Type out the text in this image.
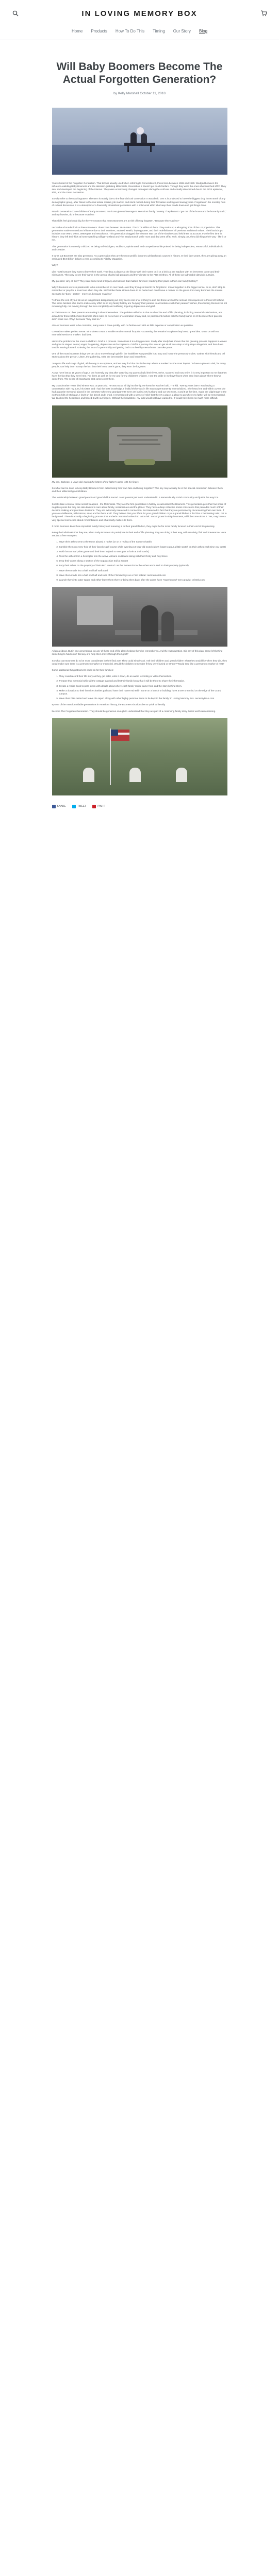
IN LOVING MEMORY BOX
Home Products How To Do This Timing Our Story Blog
Will Baby Boomers Become The Actual Forgotten Generation?
by Kelly Marshall October 11, 2018

You've heard of the Forgotten Generation. That term is usually used when referring to Generation X, those born between 1965 and 1980. Wedged between the influence-wielding Baby Boomers and the attention-grabbing Millennials, Generation X doesn't get much fanfare. Though they were the ones who launched MTV. They saw and developed the beginning of the internet. They were enormously changed teenagers during the cold war and actually determined due to the AIDS epidemic, 9/11, and the Great Recession.

So why refer to them as forgotten? The term is mainly due to the financial tool Generation X was dealt. Gen X is projected to have the biggest drop in net worth of any demographic group, after blows to the real estate market, job market, and stock market during their formative working and saving years. Forgotten in the nonstop hum of cultural discussion, it is a descriptor of a financially diminished generation with a solid work ethic who keep their heads down and get things done.

Now in Generation X are children of Baby Boomers, two icons give us leverage to see about family honesty. They know to "get out of the house and be home by dark," and my favorite, do it "because I said so."

That skills feel gloriously big for the very reason that many Boomers are at risk of being forgotten. "Because they said so!"

Let's take a broader look at these Boomers: those born between 1946-1964. That's 76 million of them. They make up a whopping 20% of the US population. This generation made tremendous influence due to their numbers, attained wealth, buying power, and their redefinition of all previous traditional values. Their backdrops includes Star Wars, Disco, Watergate and Woodstock. This generation dragged the Vietnam War out of the shadows and held them to account. For the first time in history, they left their kids at home watching Gilligan's Island and The Brady Bunch while mom and dad went off to work. Simply put, they did things their way - like it or not.

This generation is currently criticized as being self-indulgent, stubborn, opinionated, and competitive while praised for being independent, resourceful, individualistic and creative.

It turns out Boomers are also generous. As a generation they are the most prolific donors to philanthropic causes in history. In their later years, they are giving away an estimated $8.8 billion dollars a year, according to Fidelity Magazine.

Why?

Like most humans they want to leave their mark. They buy a plaque at the library with their name on it or a brick at the stadium with an irreverent quote and their nicknames. They pay to see their name in the annual charity ball program and they donate to the PBS telethon. All of these are admirable altruistic pursuits.

My question: why all this? They want some kind of legacy and not one that matters far more; marking their place in their own family history?

Why? Boomers were so passionate to be remembered on one hand—and they trying so hard to be forgotten! I mean forgotten in the bigger sense, as in, don't stop to remember or pray for a loved one when they die. We'll strike these stories down to be buried and don't leave a marker on the grave. For many Boomers the mantra seems to be 'burn - scatter - move on, because I said so.'

"Is there the end of your life as an insignificant disappearing act may seem cool or at 'it thing' to do? But these are but the serious consequences to those left behind. The same families who had to make every effort to rid any family history are 'burying' their parents in accordance with their parents' wishes, then finding themselves not mourning fully, not moving through the loss completely and suffering lingering depression and grief.

In Their Honor on: their parents are making it about themselves. The problem with that is that much of the end of life planning, including memorial celebrations, are actually for those left behind. Boomers often insist on no service or celebration of any kind, no permanent marker with the family name on it! Because their parents didn't mark one. Why? Because "they said so."

40% of Boomers want to be cremated, many want it done quickly, with no fanfare and with as little expense or complication as possible.

Cremation makes perfect sense: Who doesn't want a smaller environmental footprint? Scattering the remains in a place they loved: great idea. Move on with no memorial service or marker: bad idea.

Here's the problem for the ones in children: Grief is a process. Sometimes it is a long process. Study after study has shown that the grieving process happens in waves and goes in stages: denial, anger, bargaining, depression and acceptance. Grief is a journey that we can get stuck on a step or skip steps altogether, and then have trouble moving forward. Grieving the loss of a parent fully and getting back to a healthy mental state can take years.

One of the most important things we can do to move through grief in the healthiest way possible is to stop and honor the person who dies. Gather with friends and tell stories about the person. Listen, the gathering, write the best stories down and keep them.

Jumps to life and stage of grief, all the way to acceptance, and we may find that this is the step where a marker has the most impact. To have a place to visit, for many people, can help them accept the fact that their loved one is gone, they won't be forgotten.

As we have lost at 16 years of age, I can honestly say that after watching my parents build their lives, strive, succeed and now retire, it is very important to me that they have the fact that they were here. For them as well as for me and for my children's children. I see the pride in my boys' faces when they learn about where they've come from. The sense of importance that comes over them.

My Grandmother Tetter died when I was 10 years old. He was not at all big into family. He knew he was her bold. The kid. Twenty years later I was having a conversation with my aunt, his sister, and I had the best knowledge. I finally felt he was in life was not permanently memorialized. She heard me and within a year she had a granite memorial placed in the cemetery where my grandparents were are buried. My husband and our two sons, 4 and 8 at the time, made the pilgrimage to the northern hills of Michigan. I knelt on the bench and I cried. I remembered with a sense of relief that there's a place, a place to go where my father will be remembered. We touched the headstone and traced it with our fingers. Without the headstone, my kids would not have wanted to. It would have been so much more difficult.

My son, Jackson, 4 years old, tracing the letters of my father's name with his finger.

So what can be done to keep Baby Boomers from determining their own fate and being forgotten? The key may actually be in the special connection between them and their Millennial grandchildren.

The relationship between grandparent and grandchild is sacred. Most parents just don't understand it. A tremendously social community and just is the way it is.

So let's take a look at these secret weapons - the Millennials. They are the first generation in history to outnumber the Boomers. This generation gets their fair share of negative press but they are also known to care about family, social issues and the planet. They have a deep collective social conscience that pervades much of their decision making and purchase decisions. They are extremely interested in connection. So interested in fact that they are permanently documenting their own lives. If you are a Millennial, with tattoos, snap and be there at all. They believe that your life is for your grandchildren or your grandchildren. I find that a fascinating twist, not to be ignored. There is actually a beginning process that embeds cremated ashes into tattoo ink. Social grows in ubiquitousness, will it become about it. Yes, may have a very special connection about remembrance and what really matters to them.

If more Boomers knew how important family history and meaning is to their grandchildren, they might be far more family focused in their end of life planning.

Being the individuals that they are, when Baby Boomers do participate in their end of life planning, they are doing it their way, with creativity, flair and irreverence. Here are just a few examples:

1. Have their ashes sent to the Moon aboard a rocket (or on a replica of the Space Shuttle)
2. Sprinkle them on every hole of their favorite golf course while tweeting 18-year-old scotch (don't forget to pour a little scotch on their ashes each time you toast)
3. Hold that annual poker game and deal them in (and no one gets to look at their cards)
4. Toss the ashes from a helicopter into the active volcano on Hawaii along with their Ricky and Ray Steve
5. Drop their ashes along a section of the Appalachian trail at sunset
6. Bury their ashes on the property of their alm't ironical. Let the farmers know the ashes are buried on their property (optional)
7. Have them made into a half and half surfboard
8. Have them made into a half and half and suits of the Florida Keys as a Fish habitat: reefmemorial.com
9. Launch them into outer space and either leave them there or bring them back after the ashes have "experienced" zero gravity: celestis.com

All great ideas. But in one generations, on any of these end of life plans helping them be remembered. And the vast question. Did any of this plan, those left behind something to hold onto? Did any of it help them move through their grief?

So what can Boomers do to be more considerate in their final act? They could simply ask. Ask their children and grandchildren what they would like when they die, they could make sure there is a permanent marker or memorial. Would the children remember if they were buried or Where? Would they like a permanent marker of rest?

Some additional things Boomers could do for their families:

1. They could record their life story as they get older, write it down, do an audio recording or video themselves.
2. Prepare that memorial while all the cottage stacked and let their family know that it will be there to share the information.
3. Create a recipe book to pass down with details about where each family recipe came from and the story behind them.
4. Make a donation to their favorite charities path and have their name etched in stone on a bench or building, have a tree to remind on the edge of the Grand Canyon.
5. Have their DNA tested and leave the report along with other highly personal items to be kept in the family: In Loving Memory Box. ancestryDNA.com

By one of the most formidable generations in American history, the Boomers shouldn't be so quick to literally

become The Forgotten Generation. They should be generous enough to understand that they are part of a continuing family story that is worth remembering.

SHARE	TWEET	PIN IT
